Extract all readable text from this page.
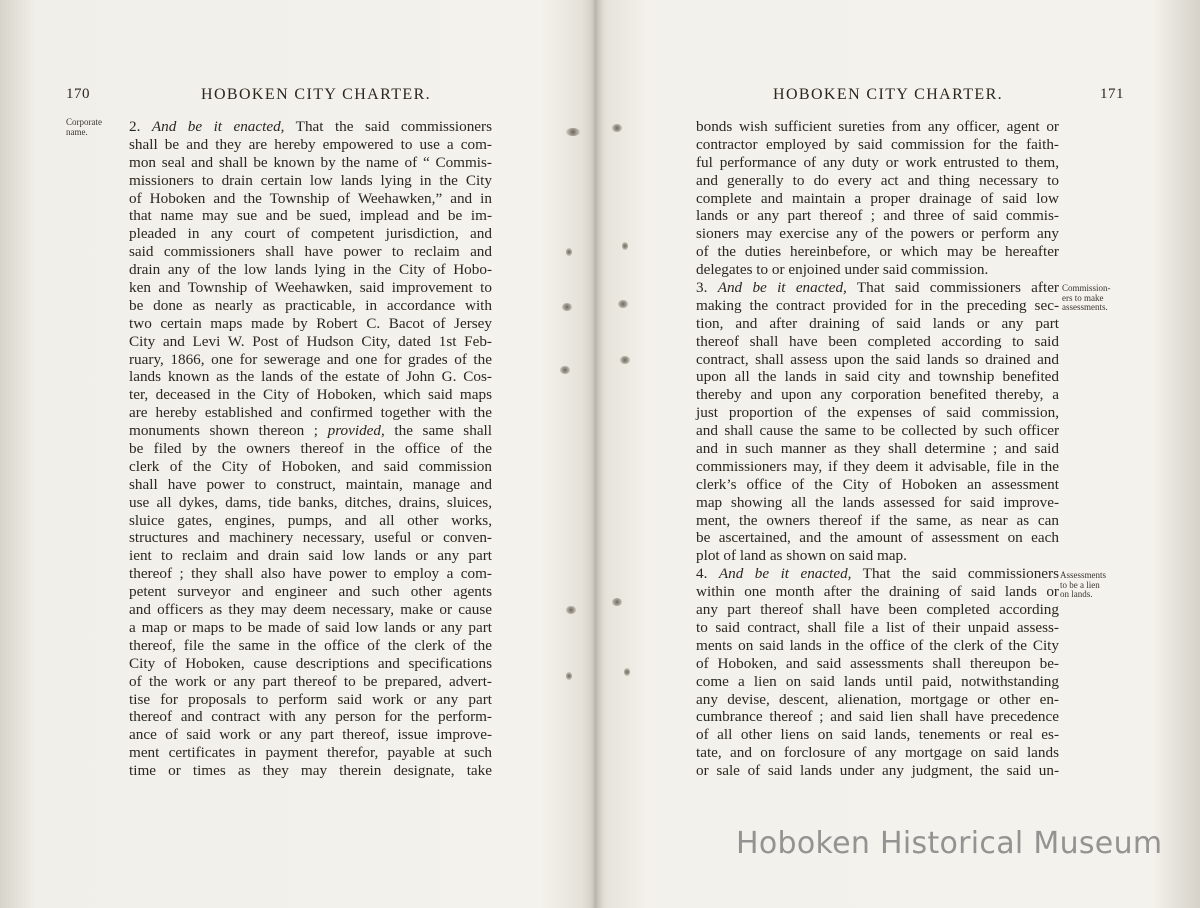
170	HOBOKEN CITY CHARTER.
Corporate
name.	2. And be it enacted, That the said commissioners
shall be and they are hereby empowered to use a com-
mon seal and shall be known by the name of “ Commis-
missioners to drain certain low lands lying in the City
of Hoboken and the Township of Weehawken,” and in
that name may sue and be sued, implead and be im-
pleaded in any court of competent jurisdiction, and
said commissioners shall have power to reclaim and
drain any of the low lands lying in the City of Hobo-
ken and Township of Weehawken, said improvement to
be done as nearly as practicable, in accordance with
two certain maps made by Robert C. Bacot of Jersey
City and Levi W. Post of Hudson City, dated 1st Feb-
ruary, 1866, one for sewerage and one for grades of the
lands known as the lands of the estate of John G. Cos-
ter, deceased in the City of Hoboken, which said maps
are hereby established and confirmed together with the
monuments shown thereon ; provided, the same shall
be filed by the owners thereof in the office of the
clerk of the City of Hoboken, and said commission
shall have power to construct, maintain, manage and
use all dykes, dams, tide banks, ditches, drains, sluices,
sluice gates, engines, pumps, and all other works,
structures and machinery necessary, useful or conven-
ient to reclaim and drain said low lands or any part
thereof ; they shall also have power to employ a com-
petent surveyor and engineer and such other agents
and officers as they may deem necessary, make or cause
a map or maps to be made of said low lands or any part
thereof, file the same in the office of the clerk of the
City of Hoboken, cause descriptions and specifications
of the work or any part thereof to be prepared, advert-
tise for proposals to perform said work or any part
thereof and contract with any person for the perform-
ance of said work or any part thereof, issue improve-
ment certificates in payment therefor, payable at such
time or times as they may therein designate, take
HOBOKEN CITY CHARTER.	171
bonds wish sufficient sureties from any officer, agent or
contractor employed by said commission for the faith-
ful performance of any duty or work entrusted to them,
and generally to do every act and thing necessary to
complete and maintain a proper drainage of said low
lands or any part thereof ; and three of said commis-
sioners may exercise any of the powers or perform any
of the duties hereinbefore, or which may be hereafter
delegates to or enjoined under said commission.
3. And be it enacted, That said commissioners after
making the contract provided for in the preceding sec-
tion, and after draining of said lands or any part
thereof shall have been completed according to said
contract, shall assess upon the said lands so drained and
upon all the lands in said city and township benefited
thereby and upon any corporation benefited thereby, a
just proportion of the expenses of said commission,
and shall cause the same to be collected by such officer
and in such manner as they shall determine ; and said
commissioners may, if they deem it advisable, file in the
clerk’s office of the City of Hoboken an assessment
map showing all the lands assessed for said improve-
ment, the owners thereof if the same, as near as can
be ascertained, and the amount of assessment on each
plot of land as shown on said map.
4. And be it enacted, That the said commissioners
within one month after the draining of said lands or
any part thereof shall have been completed according
to said contract, shall file a list of their unpaid assess-
ments on said lands in the office of the clerk of the City
of Hoboken, and said assessments shall thereupon be-
come a lien on said lands until paid, notwithstanding
any devise, descent, alienation, mortgage or other en-
cumbrance thereof ; and said lien shall have precedence
of all other liens on said lands, tenements or real es-
tate, and on forclosure of any mortgage on said lands
or sale of said lands under any judgment, the said un-
Commission-
ers to make
assessments.
Assessments
to be a lien
on lands.
Hoboken Historical Museum
